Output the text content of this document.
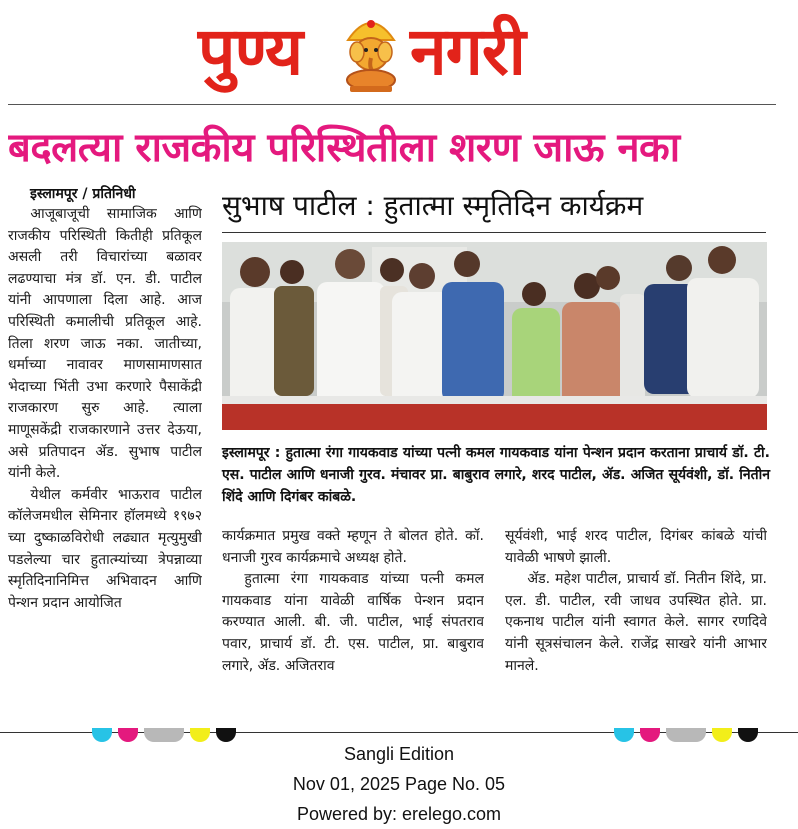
पुण्य नगरी
बदलत्या राजकीय परिस्थितीला शरण जाऊ नका
इस्लामपूर / प्रतिनिधी	सुभाष पाटील : हुतात्मा स्मृतिदिन कार्यक्रम

आजूबाजूची सामाजिक आणि राजकीय परिस्थिती कितीही प्रतिकूल असली तरी विचारांच्या बळावर लढण्याचा मंत्र डॉ. एन. डी. पाटील यांनी आपणाला दिला आहे. आज परिस्थिती कमालीची प्रतिकूल आहे. तिला शरण जाऊ नका. जातीच्या, धर्माच्या नावावर माणसामाणसात भेदाच्या भिंती उभा करणारे पैसाकेंद्री राजकारण सुरु आहे. त्याला माणूसकेंद्री राजकारणाने उत्तर देऊया, असे प्रतिपादन ॲड. सुभाष पाटील यांनी केले.

येथील कर्मवीर भाऊराव पाटील कॉलेजमधील सेमिनार हॉलमध्ये १९७२ च्या दुष्काळविरोधी लढ्यात मृत्युमुखी पडलेल्या चार हुतात्म्यांच्या त्रेपन्नाव्या स्मृतिदिनानिमित्त अभिवादन आणि पेन्शन प्रदान आयोजित

इस्लामपूर : हुतात्मा रंगा गायकवाड यांच्या पत्नी कमल गायकवाड यांना पेन्शन प्रदान करताना प्राचार्य डॉ. टी. एस. पाटील आणि धनाजी गुरव. मंचावर प्रा. बाबुराव लगारे, शरद पाटील, ॲड. अजित सूर्यवंशी, डॉ. नितीन शिंदे आणि दिगंबर कांबळे.

कार्यक्रमात प्रमुख वक्ते म्हणून ते बोलत होते. कॉ. धनाजी गुरव कार्यक्रमाचे अध्यक्ष होते.

हुतात्मा रंगा गायकवाड यांच्या पत्नी कमल गायकवाड यांना यावेळी वार्षिक पेन्शन प्रदान करण्यात आली. बी. जी. पाटील, भाई संपतराव पवार, प्राचार्य डॉ. टी. एस. पाटील, प्रा. बाबुराव लगारे, ॲड. अजितराव

सूर्यवंशी, भाई शरद पाटील, दिगंबर कांबळे यांची यावेळी भाषणे झाली.

ॲड. महेश पाटील, प्राचार्य डॉ. नितीन शिंदे, प्रा. एल. डी. पाटील, रवी जाधव उपस्थित होते. प्रा. एकनाथ पाटील यांनी स्वागत केले. सागर रणदिवे यांनी सूत्रसंचालन केले. राजेंद्र साखरे यांनी आभार मानले.

Sangli Edition
Nov 01, 2025 Page No. 05
Powered by: erelego.com
